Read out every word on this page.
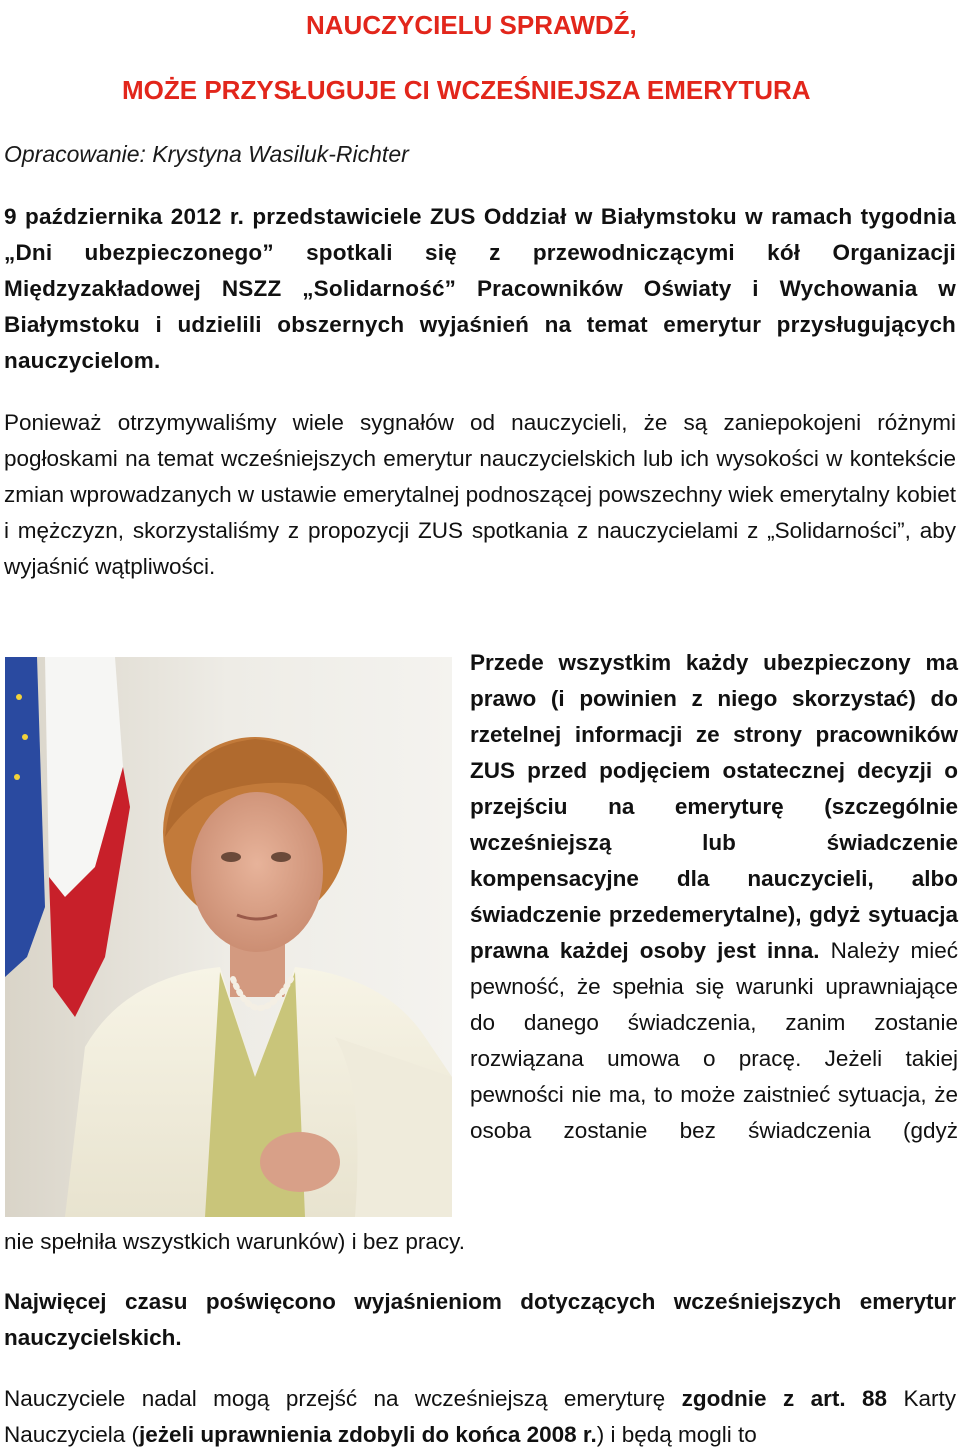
NAUCZYCIELU SPRAWDŹ,
MOŻE PRZYSŁUGUJE CI WCZEŚNIEJSZA EMERYTURA

Opracowanie: Krystyna Wasiluk-Richter

9 października 2012 r. przedstawiciele ZUS Oddział w Białymstoku w ramach tygodnia „Dni ubezpieczonego” spotkali się z przewodniczącymi kół Organizacji Międzyzakładowej NSZZ „Solidarność” Pracowników Oświaty i Wychowania w Białymstoku i udzielili obszernych wyjaśnień na temat emerytur przysługujących nauczycielom.

Ponieważ otrzymywaliśmy wiele sygnałów od nauczycieli, że są zaniepokojeni różnymi pogłoskami na temat wcześniejszych emerytur nauczycielskich lub ich wysokości w kontekście zmian wprowadzanych w ustawie emerytalnej podnoszącej powszechny wiek emerytalny kobiet i mężczyzn, skorzystaliśmy z propozycji ZUS spotkania z nauczycielami z „Solidarności”, aby wyjaśnić wątpliwości.

Przede wszystkim każdy ubezpieczony ma prawo (i powinien z niego skorzystać) do rzetelnej informacji ze strony pracowników ZUS przed podjęciem ostatecznej decyzji o przejściu na emeryturę (szczególnie wcześniejszą lub świadczenie kompensacyjne dla nauczycieli, albo świadczenie przedemerytalne), gdyż sytuacja prawna każdej osoby jest inna. Należy mieć pewność, że spełnia się warunki uprawniające do danego świadczenia, zanim zostanie rozwiązana umowa o pracę. Jeżeli takiej pewności nie ma, to może zaistnieć sytuacja, że osoba zostanie bez świadczenia (gdyż

nie spełniła wszystkich warunków) i bez pracy.

Najwięcej czasu poświęcono wyjaśnieniom dotyczących wcześniejszych emerytur nauczycielskich.

Nauczyciele nadal mogą przejść na wcześniejszą emeryturę zgodnie z art. 88 Karty Nauczyciela (jeżeli uprawnienia zdobyli do końca 2008 r.) i będą mogli to
